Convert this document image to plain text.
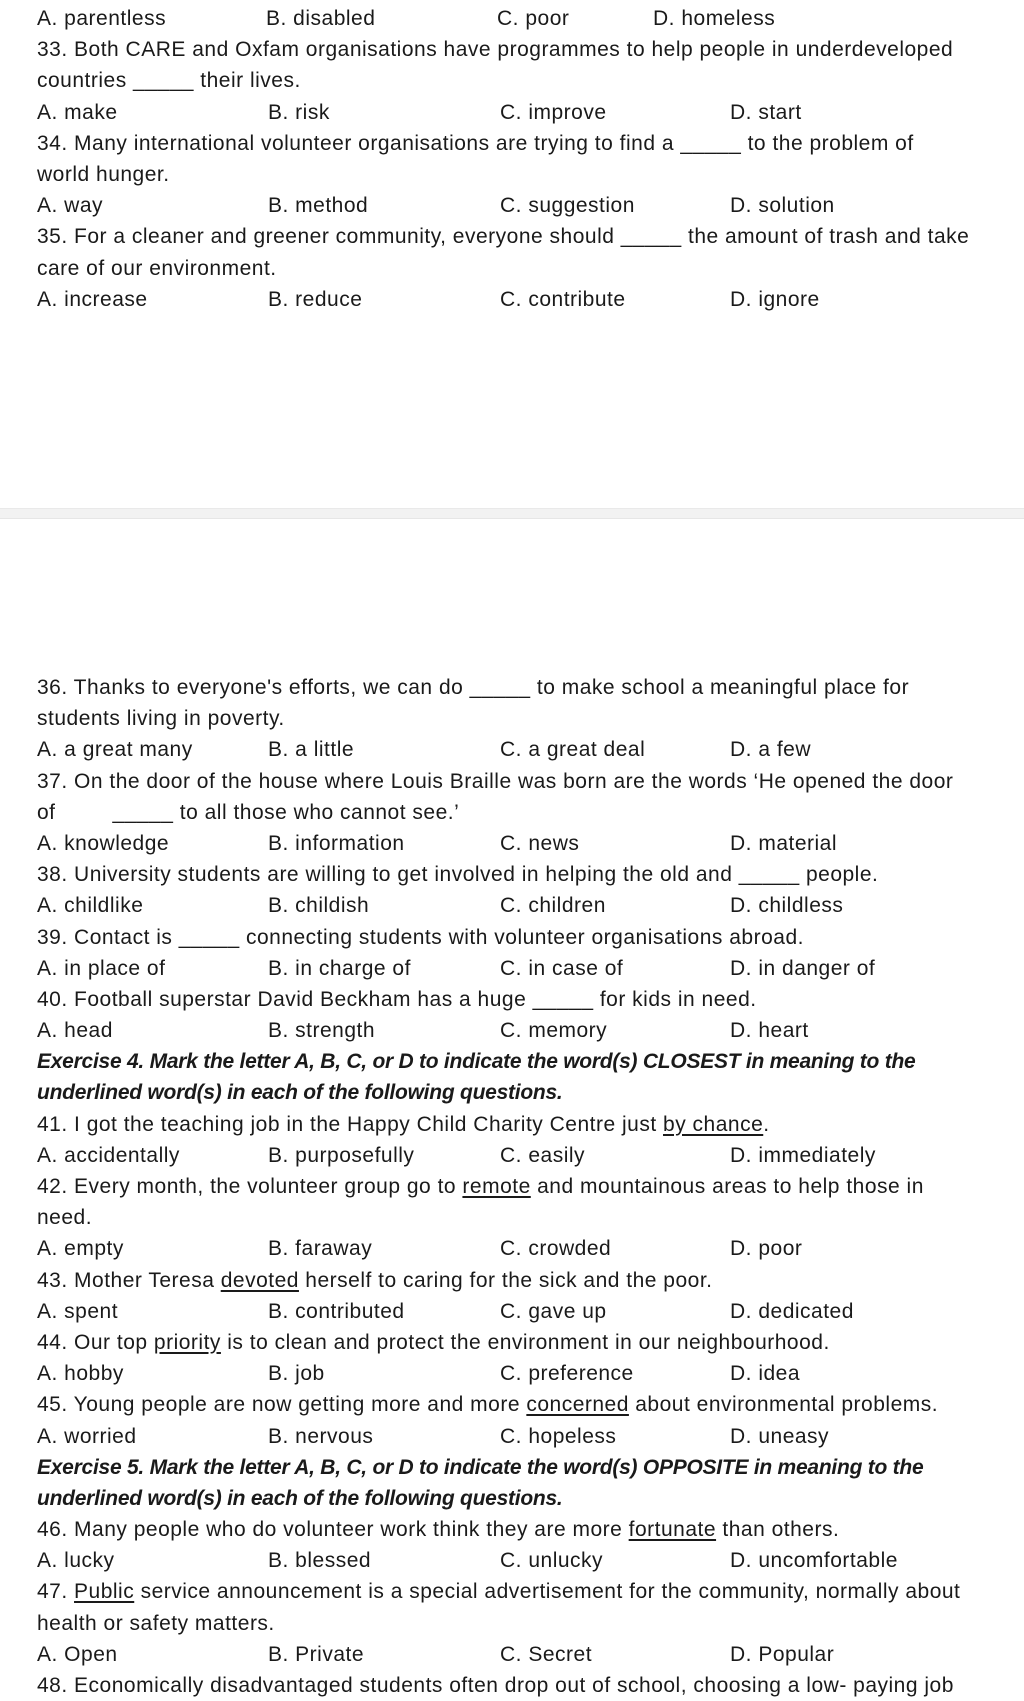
A. parentless	B. disabled	C. poor	D. homeless
33. Both CARE and Oxfam organisations have programmes to help people in underdeveloped
countries _____ their lives.
A. make	B. risk	C. improve	D. start
34. Many international volunteer organisations are trying to find a _____ to the problem of
world hunger.
A. way	B. method	C. suggestion	D. solution
35. For a cleaner and greener community, everyone should _____ the amount of trash and take
care of our environment.
A. increase	B. reduce	C. contribute	D. ignore
36. Thanks to everyone's efforts, we can do _____ to make school a meaningful place for
students living in poverty.
A. a great many	B. a little	C. a great deal	D. a few
37. On the door of the house where Louis Braille was born are the words ‘He opened the door
of         _____ to all those who cannot see.’
A. knowledge	B. information	C. news	D. material
38. University students are willing to get involved in helping the old and _____ people.
A. childlike	B. childish	C. children	D. childless
39. Contact is _____ connecting students with volunteer organisations abroad.
A. in place of	B. in charge of	C. in case of	D. in danger of
40. Football superstar David Beckham has a huge _____ for kids in need.
A. head	B. strength	C. memory	D. heart
Exercise 4. Mark the letter A, B, C, or D to indicate the word(s) CLOSEST in meaning to the
underlined word(s) in each of the following questions.
41. I got the teaching job in the Happy Child Charity Centre just by chance.
A. accidentally	B. purposefully	C. easily	D. immediately
42. Every month, the volunteer group go to remote and mountainous areas to help those in
need.
A. empty	B. faraway	C. crowded	D. poor
43. Mother Teresa devoted herself to caring for the sick and the poor.
A. spent	B. contributed	C. gave up	D. dedicated
44. Our top priority is to clean and protect the environment in our neighbourhood.
A. hobby	B. job	C. preference	D. idea
45. Young people are now getting more and more concerned about environmental problems.
A. worried	B. nervous	C. hopeless	D. uneasy
Exercise 5. Mark the letter A, B, C, or D to indicate the word(s) OPPOSITE in meaning to the
underlined word(s) in each of the following questions.
46. Many people who do volunteer work think they are more fortunate than others.
A. lucky	B. blessed	C. unlucky	D. uncomfortable
47. Public service announcement is a special advertisement for the community, normally about
health or safety matters.
A. Open	B. Private	C. Secret	D. Popular
48. Economically disadvantaged students often drop out of school, choosing a low- paying job
